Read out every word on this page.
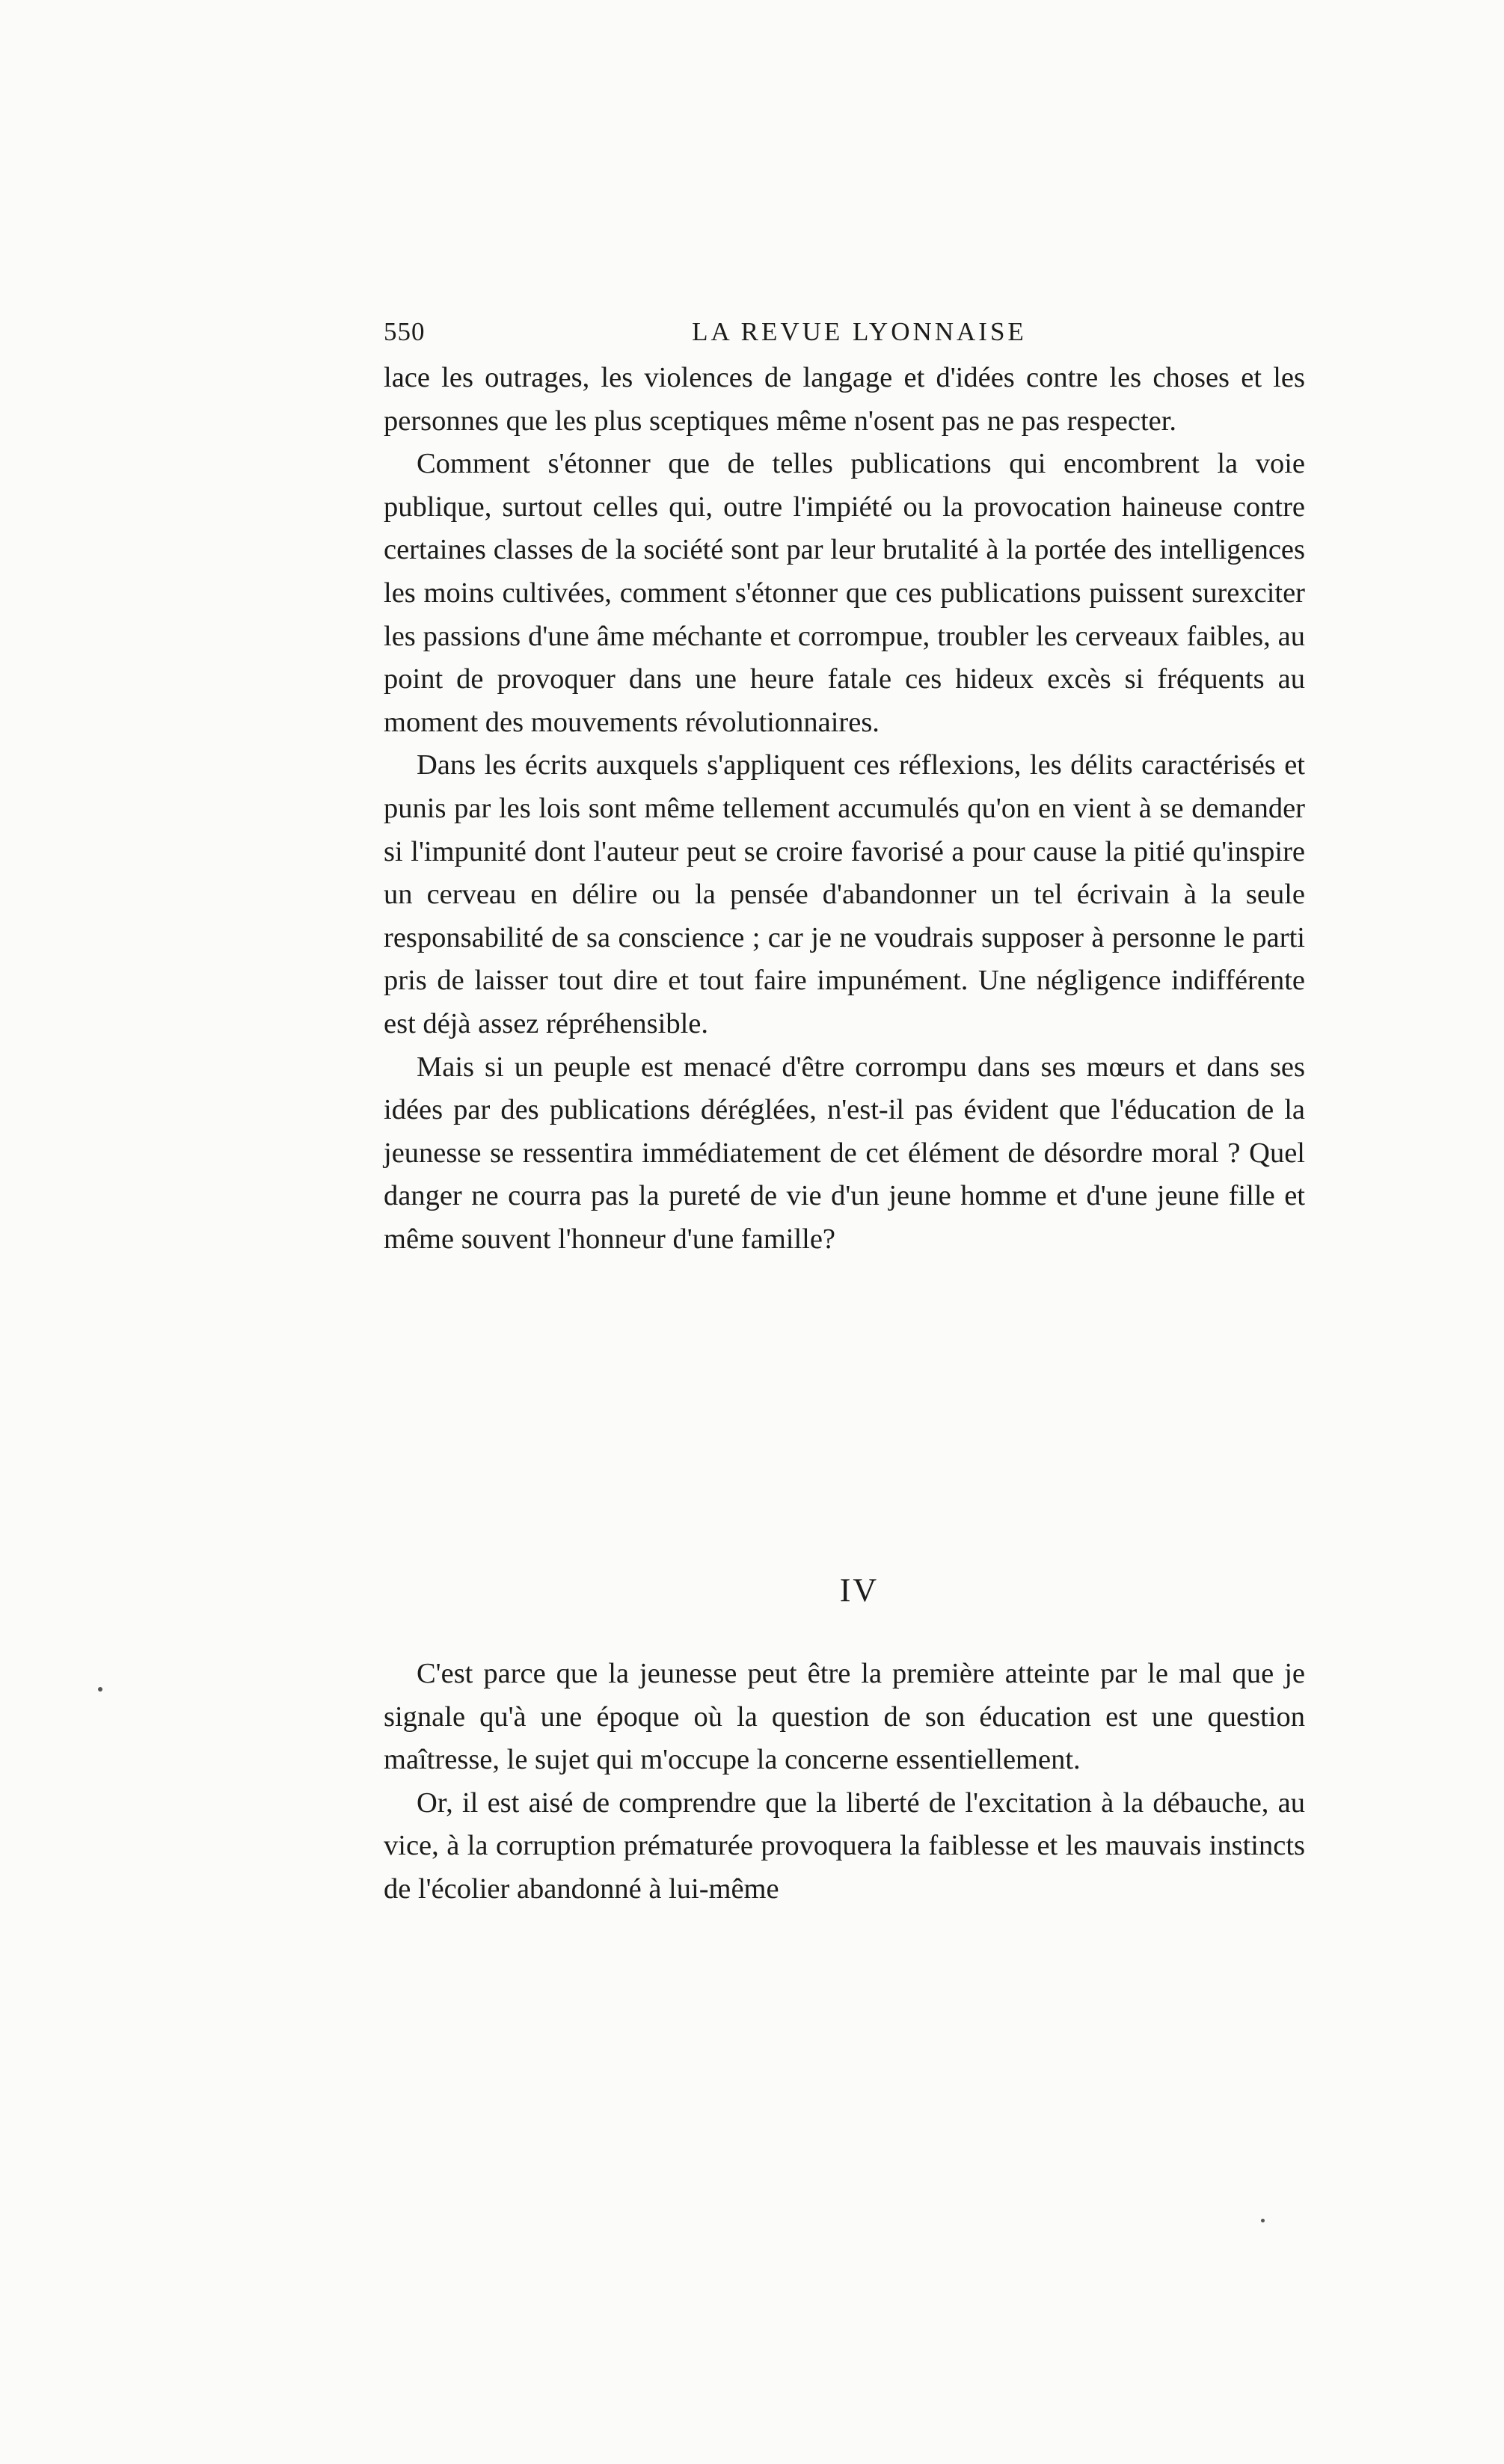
550	LA REVUE LYONNAISE

lace les outrages, les violences de langage et d'idées contre les choses et les personnes que les plus sceptiques même n'osent pas ne pas respecter.

Comment s'étonner que de telles publications qui encombrent la voie publique, surtout celles qui, outre l'impiété ou la provocation haineuse contre certaines classes de la société sont par leur brutalité à la portée des intelligences les moins cultivées, comment s'étonner que ces publications puissent surexciter les passions d'une âme méchante et corrompue, troubler les cerveaux faibles, au point de provoquer dans une heure fatale ces hideux excès si fréquents au moment des mouvements révolutionnaires.

Dans les écrits auxquels s'appliquent ces réflexions, les délits caractérisés et punis par les lois sont même tellement accumulés qu'on en vient à se demander si l'impunité dont l'auteur peut se croire favorisé a pour cause la pitié qu'inspire un cerveau en délire ou la pensée d'abandonner un tel écrivain à la seule responsabilité de sa conscience ; car je ne voudrais supposer à personne le parti pris de laisser tout dire et tout faire impunément. Une négligence indifférente est déjà assez répréhensible.

Mais si un peuple est menacé d'être corrompu dans ses mœurs et dans ses idées par des publications déréglées, n'est-il pas évident que l'éducation de la jeunesse se ressentira immédiatement de cet élément de désordre moral ? Quel danger ne courra pas la pureté de vie d'un jeune homme et d'une jeune fille et même souvent l'honneur d'une famille?

IV

C'est parce que la jeunesse peut être la première atteinte par le mal que je signale qu'à une époque où la question de son éducation est une question maîtresse, le sujet qui m'occupe la concerne essentiellement.

Or, il est aisé de comprendre que la liberté de l'excitation à la débauche, au vice, à la corruption prématurée provoquera la faiblesse et les mauvais instincts de l'écolier abandonné à lui-même
